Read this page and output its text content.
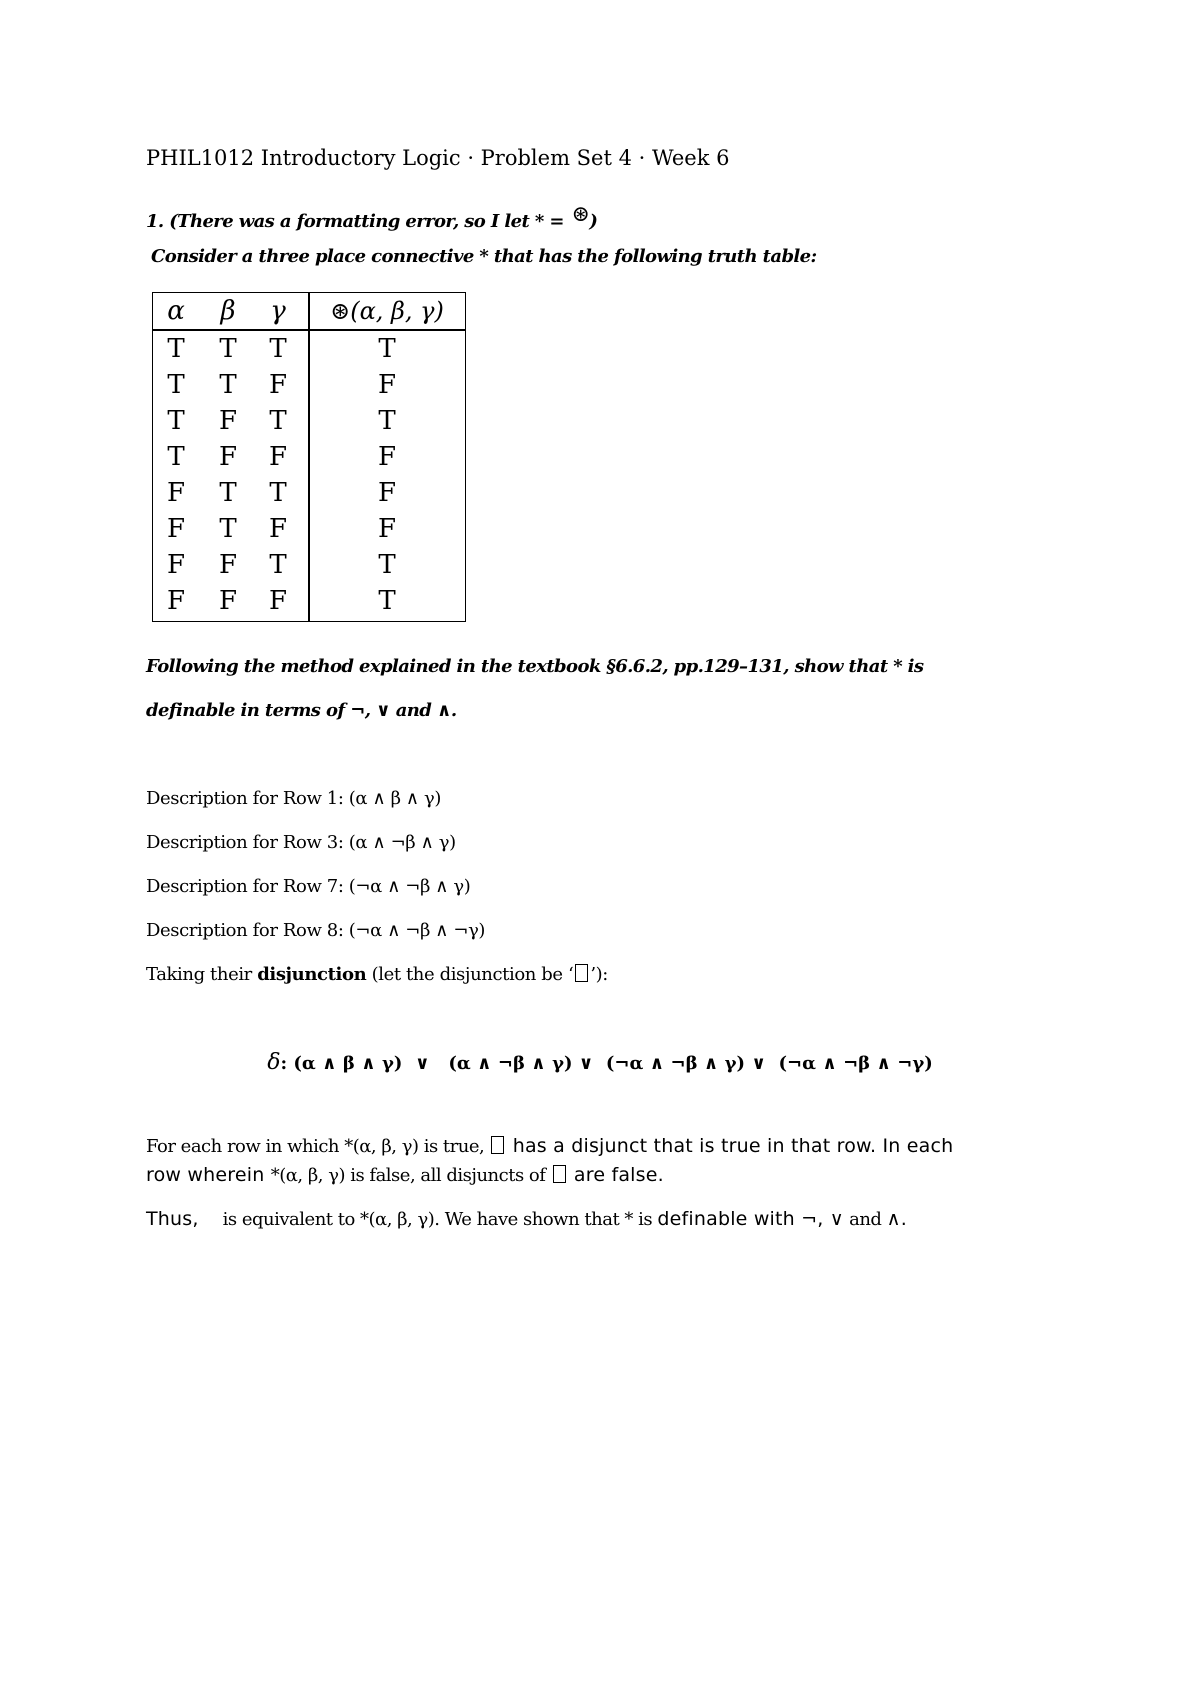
PHIL1012 Introductory Logic · Problem Set 4 · Week 6
1. (There was a formatting error, so I let * = ⊛)
Consider a three place connective * that has the following truth table:
α	β	γ	⊛(α, β, γ)
T	T	T	T
T	T	F	F
T	F	T	T
T	F	F	F
F	T	T	F
F	T	F	F
F	F	T	T
F	F	F	T
Following the method explained in the textbook §6.6.2, pp.129–131, show that * is
definable in terms of ¬, ∨ and ∧.
Description for Row 1: (α ∧ β ∧ γ)
Description for Row 3: (α ∧ ¬β ∧ γ)
Description for Row 7: (¬α ∧ ¬β ∧ γ)
Description for Row 8: (¬α ∧ ¬β ∧ ¬γ)
Taking their disjunction (let the disjunction be ‘ ’):
δ: (α ∧ β ∧ γ)  ∨   (α ∧ ¬β ∧ γ) ∨  (¬α ∧ ¬β ∧ γ) ∨  (¬α ∧ ¬β ∧ ¬γ)
For each row in which *(α, β, γ) is true,  has a disjunct that is true in that row. In each
row wherein *(α, β, γ) is false, all disjuncts of  are false.
Thus, is equivalent to *(α, β, γ). We have shown that * is definable with ¬, ∨ and ∧.
